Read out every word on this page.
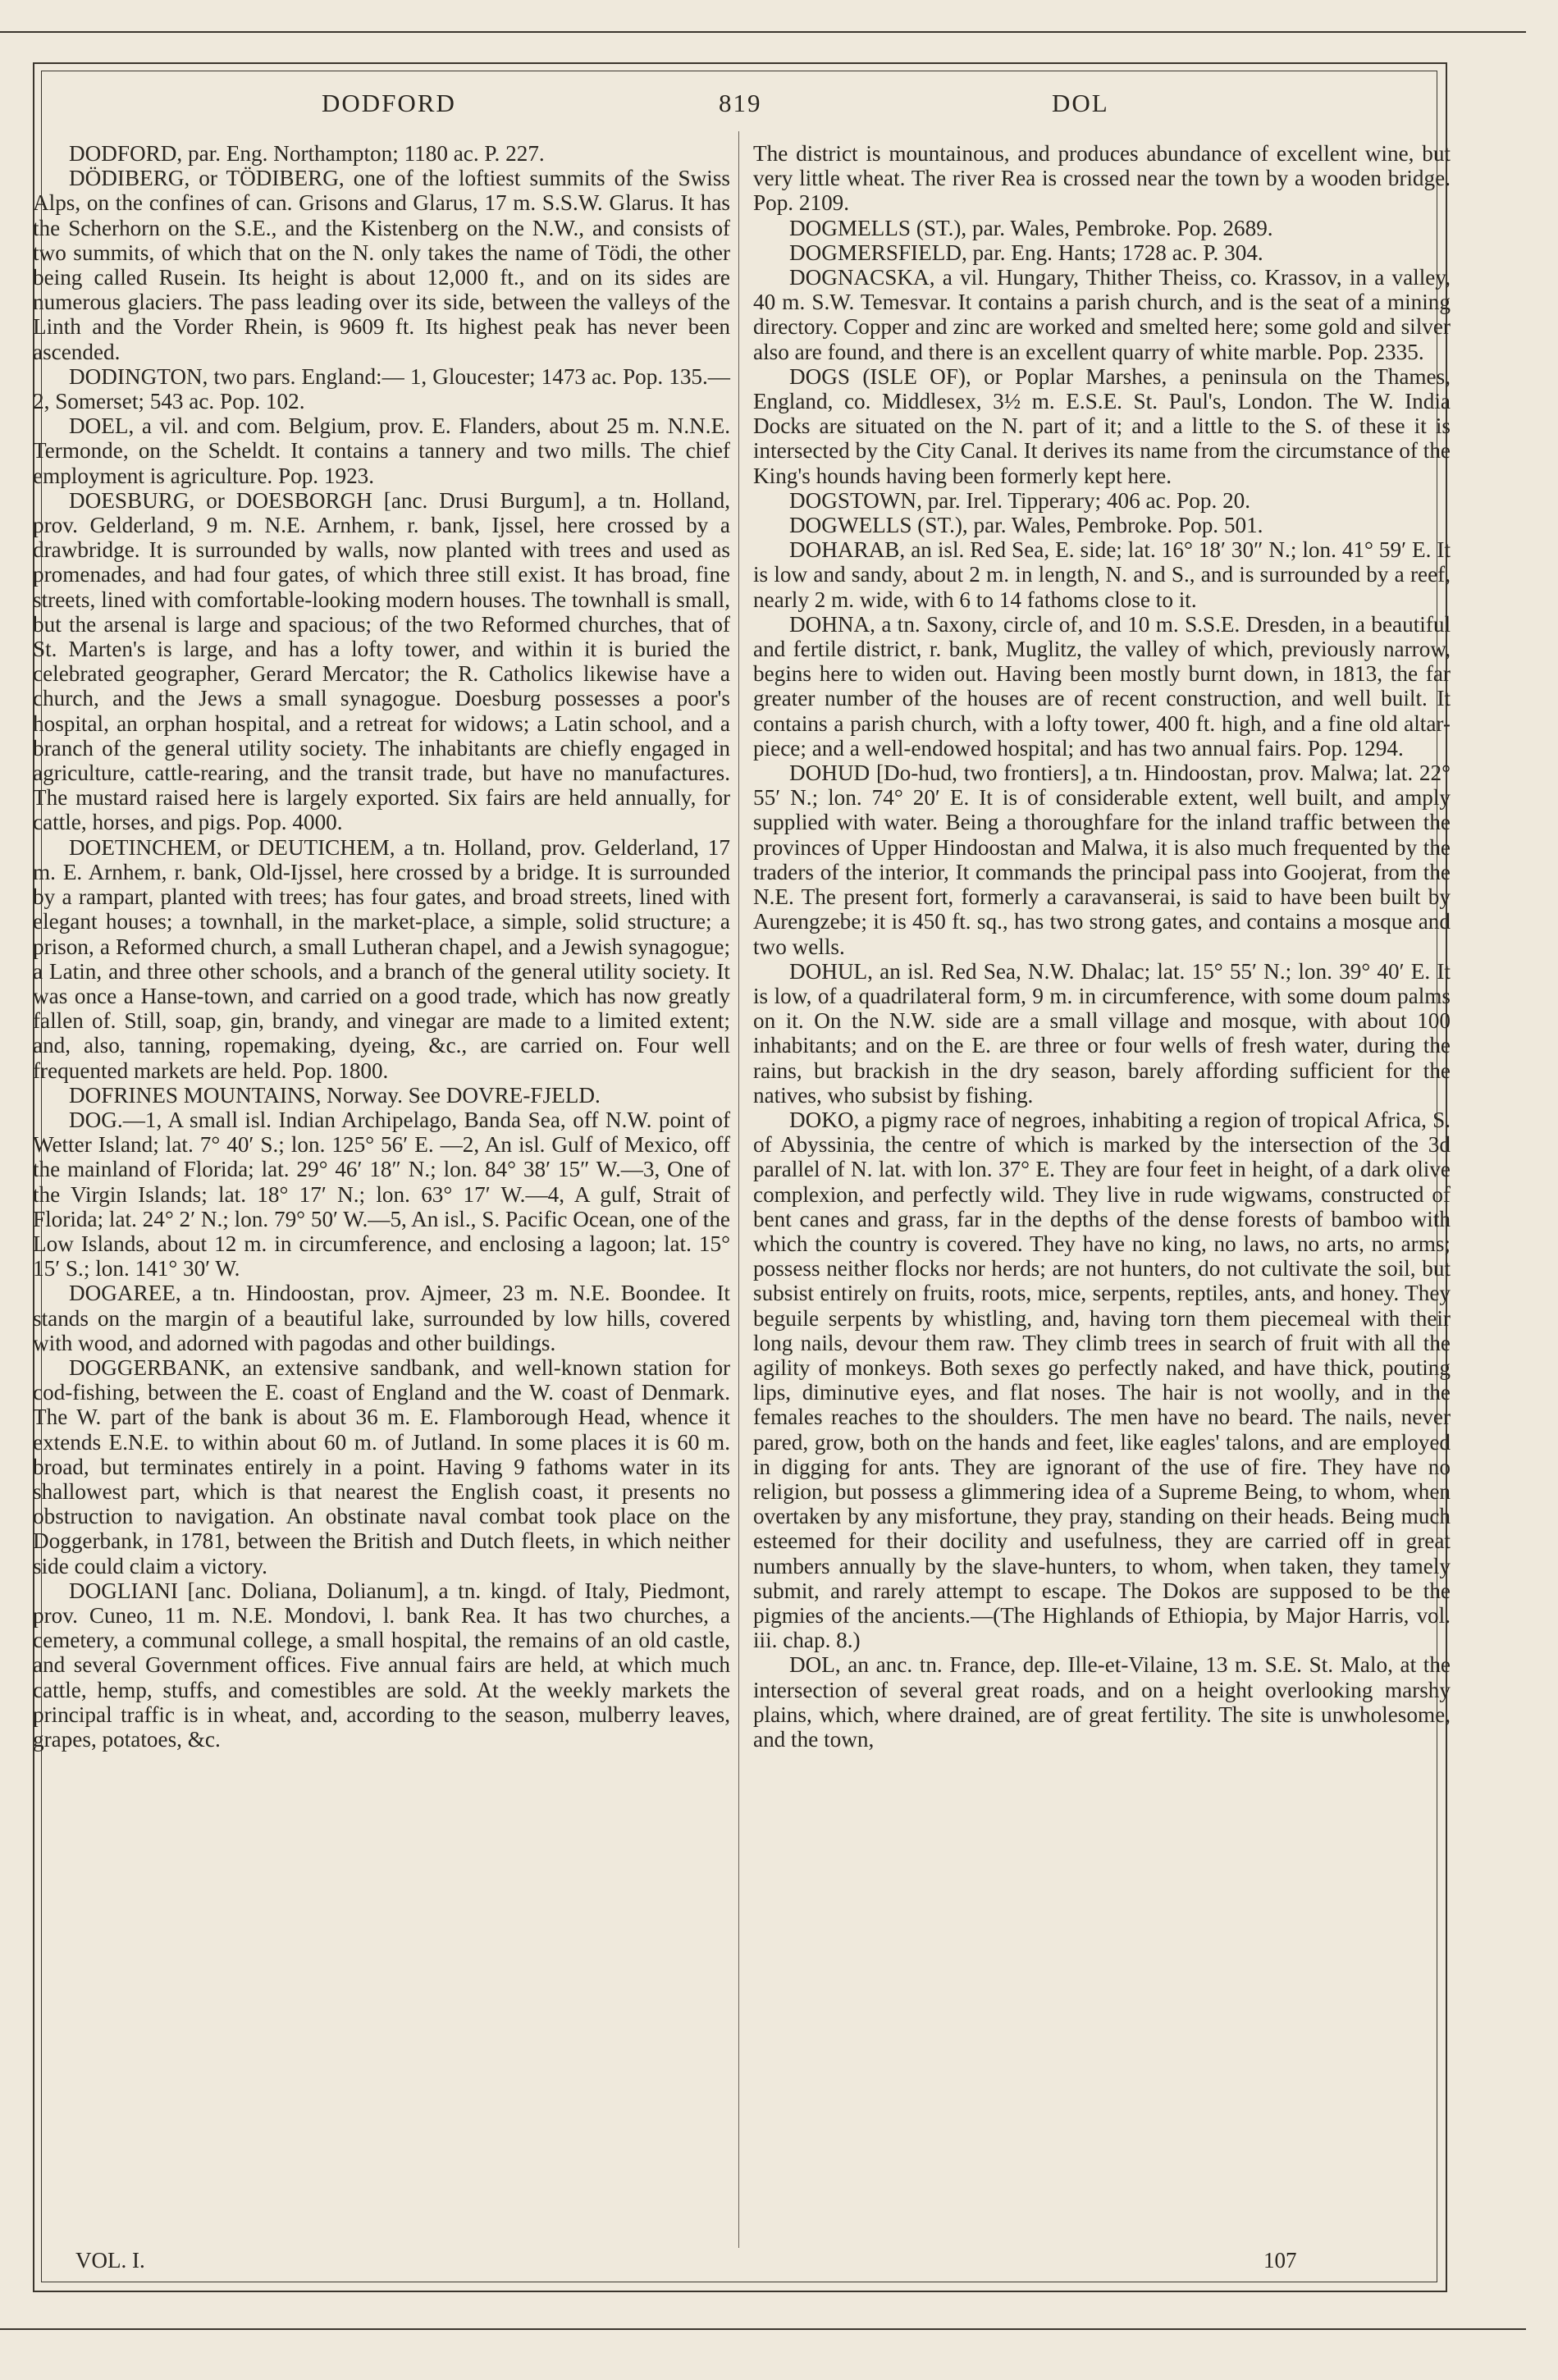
DODFORD	819	DOL

DODFORD, par. Eng. Northampton; 1180 ac. P. 227.

DÖDIBERG, or TÖDIBERG, one of the loftiest summits of the Swiss Alps, on the confines of can. Grisons and Glarus, 17 m. S.S.W. Glarus. It has the Scherhorn on the S.E., and the Kistenberg on the N.W., and consists of two summits, of which that on the N. only takes the name of Tödi, the other being called Rusein. Its height is about 12,000 ft., and on its sides are numerous glaciers. The pass leading over its side, between the valleys of the Linth and the Vorder Rhein, is 9609 ft. Its highest peak has never been ascended.

DODINGTON, two pars. England:— 1, Gloucester; 1473 ac. Pop. 135.—2, Somerset; 543 ac. Pop. 102.

DOEL, a vil. and com. Belgium, prov. E. Flanders, about 25 m. N.N.E. Termonde, on the Scheldt. It contains a tannery and two mills. The chief employment is agriculture. Pop. 1923.

DOESBURG, or DOESBORGH [anc. Drusi Burgum], a tn. Holland, prov. Gelderland, 9 m. N.E. Arnhem, r. bank, Ijssel, here crossed by a drawbridge. It is surrounded by walls, now planted with trees and used as promenades, and had four gates, of which three still exist. It has broad, fine streets, lined with comfortable-looking modern houses. The townhall is small, but the arsenal is large and spacious; of the two Reformed churches, that of St. Marten's is large, and has a lofty tower, and within it is buried the celebrated geographer, Gerard Mercator; the R. Catholics likewise have a church, and the Jews a small synagogue. Doesburg possesses a poor's hospital, an orphan hospital, and a retreat for widows; a Latin school, and a branch of the general utility society. The inhabitants are chiefly engaged in agriculture, cattle-rearing, and the transit trade, but have no manufactures. The mustard raised here is largely exported. Six fairs are held annually, for cattle, horses, and pigs. Pop. 4000.

DOETINCHEM, or DEUTICHEM, a tn. Holland, prov. Gelderland, 17 m. E. Arnhem, r. bank, Old-Ijssel, here crossed by a bridge. It is surrounded by a rampart, planted with trees; has four gates, and broad streets, lined with elegant houses; a townhall, in the market-place, a simple, solid structure; a prison, a Reformed church, a small Lutheran chapel, and a Jewish synagogue; a Latin, and three other schools, and a branch of the general utility society. It was once a Hanse-town, and carried on a good trade, which has now greatly fallen of. Still, soap, gin, brandy, and vinegar are made to a limited extent; and, also, tanning, ropemaking, dyeing, &c., are carried on. Four well frequented markets are held. Pop. 1800.

DOFRINES MOUNTAINS, Norway. See DOVRE-FJELD.

DOG.—1, A small isl. Indian Archipelago, Banda Sea, off N.W. point of Wetter Island; lat. 7° 40′ S.; lon. 125° 56′ E. —2, An isl. Gulf of Mexico, off the mainland of Florida; lat. 29° 46′ 18″ N.; lon. 84° 38′ 15″ W.—3, One of the Virgin Islands; lat. 18° 17′ N.; lon. 63° 17′ W.—4, A gulf, Strait of Florida; lat. 24° 2′ N.; lon. 79° 50′ W.—5, An isl., S. Pacific Ocean, one of the Low Islands, about 12 m. in circumference, and enclosing a lagoon; lat. 15° 15′ S.; lon. 141° 30′ W.

DOGAREE, a tn. Hindoostan, prov. Ajmeer, 23 m. N.E. Boondee. It stands on the margin of a beautiful lake, surrounded by low hills, covered with wood, and adorned with pagodas and other buildings.

DOGGERBANK, an extensive sandbank, and well-known station for cod-fishing, between the E. coast of England and the W. coast of Denmark. The W. part of the bank is about 36 m. E. Flamborough Head, whence it extends E.N.E. to within about 60 m. of Jutland. In some places it is 60 m. broad, but terminates entirely in a point. Having 9 fathoms water in its shallowest part, which is that nearest the English coast, it presents no obstruction to navigation. An obstinate naval combat took place on the Doggerbank, in 1781, between the British and Dutch fleets, in which neither side could claim a victory.

DOGLIANI [anc. Doliana, Dolianum], a tn. kingd. of Italy, Piedmont, prov. Cuneo, 11 m. N.E. Mondovi, l. bank Rea. It has two churches, a cemetery, a communal college, a small hospital, the remains of an old castle, and several Government offices. Five annual fairs are held, at which much cattle, hemp, stuffs, and comestibles are sold. At the weekly markets the principal traffic is in wheat, and, according to the season, mulberry leaves, grapes, potatoes, &c.

The district is mountainous, and produces abundance of excellent wine, but very little wheat. The river Rea is crossed near the town by a wooden bridge. Pop. 2109.

DOGMELLS (ST.), par. Wales, Pembroke. Pop. 2689.

DOGMERSFIELD, par. Eng. Hants; 1728 ac. P. 304.

DOGNACSKA, a vil. Hungary, Thither Theiss, co. Krassov, in a valley, 40 m. S.W. Temesvar. It contains a parish church, and is the seat of a mining directory. Copper and zinc are worked and smelted here; some gold and silver also are found, and there is an excellent quarry of white marble. Pop. 2335.

DOGS (ISLE OF), or Poplar Marshes, a peninsula on the Thames, England, co. Middlesex, 3½ m. E.S.E. St. Paul's, London. The W. India Docks are situated on the N. part of it; and a little to the S. of these it is intersected by the City Canal. It derives its name from the circumstance of the King's hounds having been formerly kept here.

DOGSTOWN, par. Irel. Tipperary; 406 ac. Pop. 20.

DOGWELLS (ST.), par. Wales, Pembroke. Pop. 501.

DOHARAB, an isl. Red Sea, E. side; lat. 16° 18′ 30″ N.; lon. 41° 59′ E. It is low and sandy, about 2 m. in length, N. and S., and is surrounded by a reef, nearly 2 m. wide, with 6 to 14 fathoms close to it.

DOHNA, a tn. Saxony, circle of, and 10 m. S.S.E. Dresden, in a beautiful and fertile district, r. bank, Muglitz, the valley of which, previously narrow, begins here to widen out. Having been mostly burnt down, in 1813, the far greater number of the houses are of recent construction, and well built. It contains a parish church, with a lofty tower, 400 ft. high, and a fine old altar-piece; and a well-endowed hospital; and has two annual fairs. Pop. 1294.

DOHUD [Do-hud, two frontiers], a tn. Hindoostan, prov. Malwa; lat. 22° 55′ N.; lon. 74° 20′ E. It is of considerable extent, well built, and amply supplied with water. Being a thoroughfare for the inland traffic between the provinces of Upper Hindoostan and Malwa, it is also much frequented by the traders of the interior, It commands the principal pass into Goojerat, from the N.E. The present fort, formerly a caravanserai, is said to have been built by Aurengzebe; it is 450 ft. sq., has two strong gates, and contains a mosque and two wells.

DOHUL, an isl. Red Sea, N.W. Dhalac; lat. 15° 55′ N.; lon. 39° 40′ E. It is low, of a quadrilateral form, 9 m. in circumference, with some doum palms on it. On the N.W. side are a small village and mosque, with about 100 inhabitants; and on the E. are three or four wells of fresh water, during the rains, but brackish in the dry season, barely affording sufficient for the natives, who subsist by fishing.

DOKO, a pigmy race of negroes, inhabiting a region of tropical Africa, S. of Abyssinia, the centre of which is marked by the intersection of the 3d parallel of N. lat. with lon. 37° E. They are four feet in height, of a dark olive complexion, and perfectly wild. They live in rude wigwams, constructed of bent canes and grass, far in the depths of the dense forests of bamboo with which the country is covered. They have no king, no laws, no arts, no arms; possess neither flocks nor herds; are not hunters, do not cultivate the soil, but subsist entirely on fruits, roots, mice, serpents, reptiles, ants, and honey. They beguile serpents by whistling, and, having torn them piecemeal with their long nails, devour them raw. They climb trees in search of fruit with all the agility of monkeys. Both sexes go perfectly naked, and have thick, pouting lips, diminutive eyes, and flat noses. The hair is not woolly, and in the females reaches to the shoulders. The men have no beard. The nails, never pared, grow, both on the hands and feet, like eagles' talons, and are employed in digging for ants. They are ignorant of the use of fire. They have no religion, but possess a glimmering idea of a Supreme Being, to whom, when overtaken by any misfortune, they pray, standing on their heads. Being much esteemed for their docility and usefulness, they are carried off in great numbers annually by the slave-hunters, to whom, when taken, they tamely submit, and rarely attempt to escape. The Dokos are supposed to be the pigmies of the ancients.—(The Highlands of Ethiopia, by Major Harris, vol. iii. chap. 8.)

DOL, an anc. tn. France, dep. Ille-et-Vilaine, 13 m. S.E. St. Malo, at the intersection of several great roads, and on a height overlooking marshy plains, which, where drained, are of great fertility. The site is unwholesome, and the town,

VOL. I.	107
